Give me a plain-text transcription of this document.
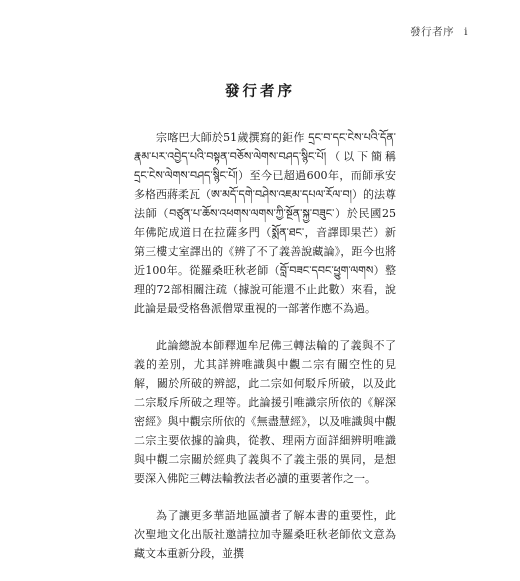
發行者序 i
發行者序

宗喀巴大師於51歲撰寫的鉅作 དྲང་བ་དང་ངེས་པའི་དོན་རྣམ་པར་འབྱེད་པའི་བསྟན་བཅོས་ལེགས་བཤད་སྙིང་པོ།（以下簡稱 དྲང་ངེས་ལེགས་བཤད་སྙིང་པོ།）至今已超過600年，而師承安多格西蔣柔瓦（ཨ་མདོ་དགེ་བཤེས་འཇམ་དཔལ་རོལ་བ།）的法尊法師（བཙུན་པ་ཆོས་འཕགས་ལགས་ཀྱི་སྔོན་སྐྱ་བཟུང་）於民國25年佛陀成道日在拉薩多門（སྨོན་ཐང་，音譯即果芒）新第三樓丈室譯出的《辨了不了義善說藏論》，距今也將近100年。從羅桑旺秋老師（བློ་བཟང་དབང་ཕྱུག་ལགས）整理的72部相關注疏（據說可能還不止此數）來看，說此論是最受格魯派僧眾重視的一部著作應不為過。

此論總說本師釋迦牟尼佛三轉法輪的了義與不了義的差別，尤其詳辨唯識與中觀二宗有關空性的見解，關於所破的辨認，此二宗如何駁斥所破，以及此二宗駁斥所破之理等。此論援引唯識宗所依的《解深密經》與中觀宗所依的《無盡慧經》，以及唯識與中觀二宗主要依據的論典，從教、理兩方面詳細辨明唯識與中觀二宗關於經典了義與不了義主張的異同，是想要深入佛陀三轉法輪教法者必讀的重要著作之一。

為了讓更多華語地區讀者了解本書的重要性，此次聖地文化出版社邀請拉加寺羅桑旺秋老師依文意為藏文本重新分段，並撰
